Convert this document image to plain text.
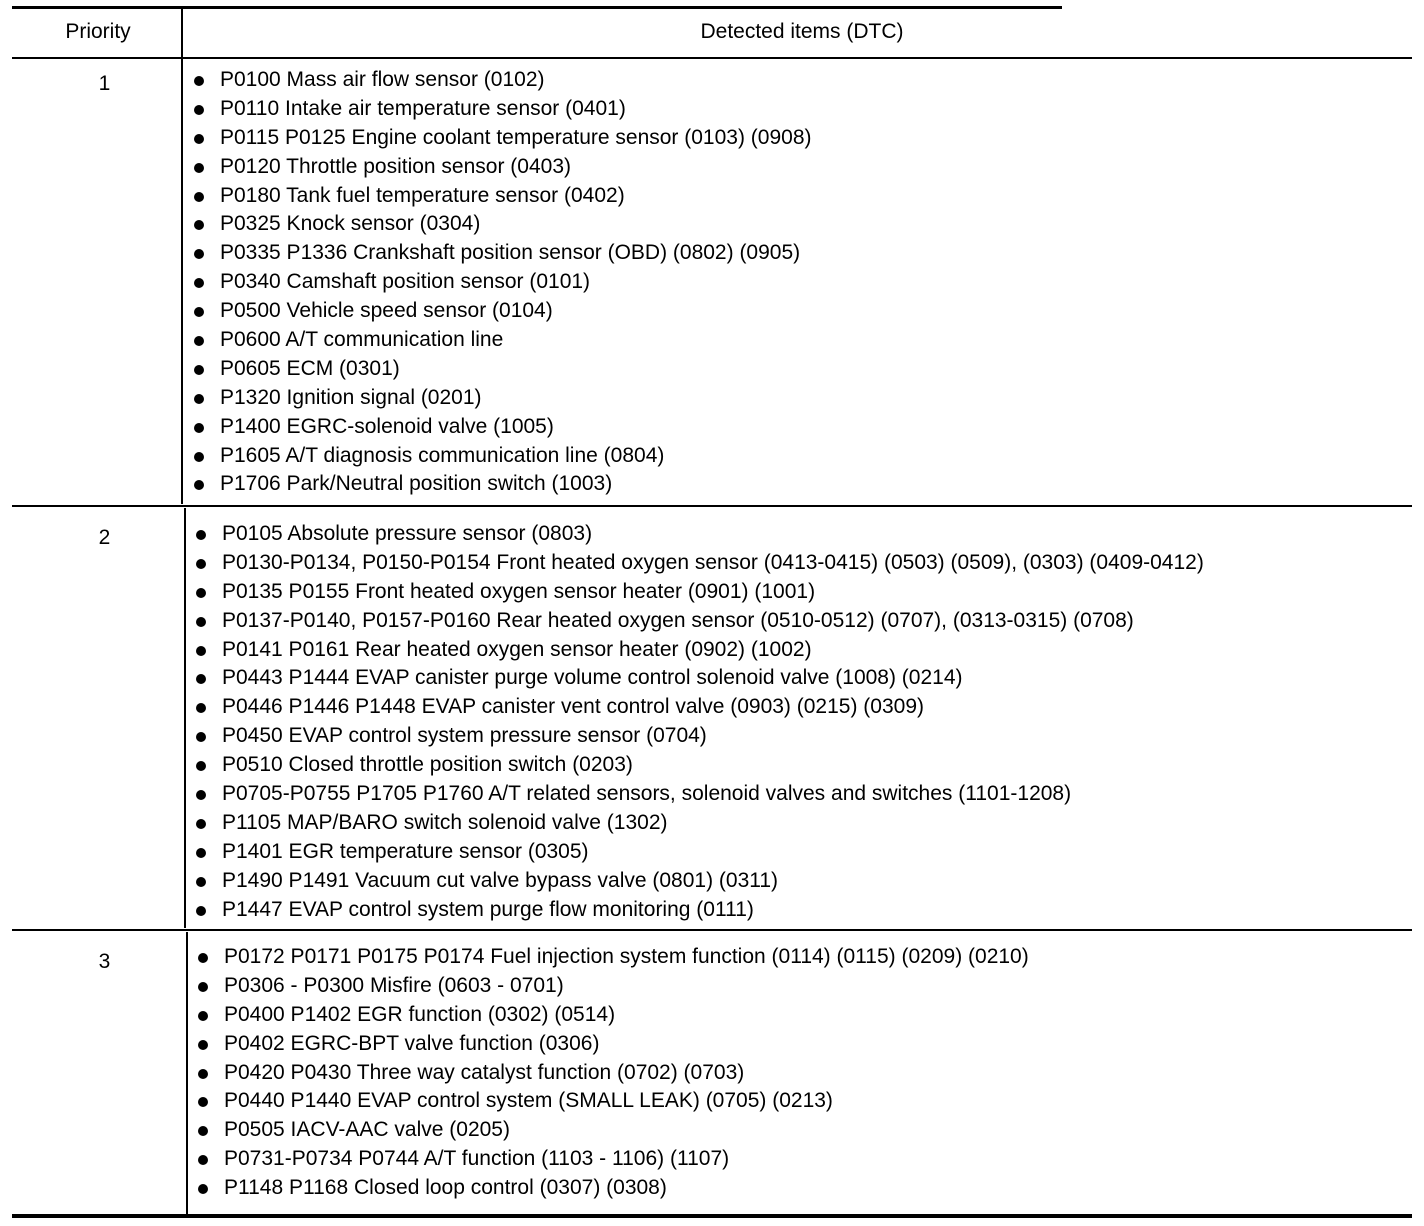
Priority	Detected items (DTC)
1	P0100 Mass air flow sensor (0102)
P0110 Intake air temperature sensor (0401)
P0115 P0125 Engine coolant temperature sensor (0103) (0908)
P0120 Throttle position sensor (0403)
P0180 Tank fuel temperature sensor (0402)
P0325 Knock sensor (0304)
P0335 P1336 Crankshaft position sensor (OBD) (0802) (0905)
P0340 Camshaft position sensor (0101)
P0500 Vehicle speed sensor (0104)
P0600 A/T communication line
P0605 ECM (0301)
P1320 Ignition signal (0201)
P1400 EGRC-solenoid valve (1005)
P1605 A/T diagnosis communication line (0804)
P1706 Park/Neutral position switch (1003)
2	P0105 Absolute pressure sensor (0803)
P0130-P0134, P0150-P0154 Front heated oxygen sensor (0413-0415) (0503) (0509), (0303) (0409-0412)
P0135 P0155 Front heated oxygen sensor heater (0901) (1001)
P0137-P0140, P0157-P0160 Rear heated oxygen sensor (0510-0512) (0707), (0313-0315) (0708)
P0141 P0161 Rear heated oxygen sensor heater (0902) (1002)
P0443 P1444 EVAP canister purge volume control solenoid valve (1008) (0214)
P0446 P1446 P1448 EVAP canister vent control valve (0903) (0215) (0309)
P0450 EVAP control system pressure sensor (0704)
P0510 Closed throttle position switch (0203)
P0705-P0755 P1705 P1760 A/T related sensors, solenoid valves and switches (1101-1208)
P1105 MAP/BARO switch solenoid valve (1302)
P1401 EGR temperature sensor (0305)
P1490 P1491 Vacuum cut valve bypass valve (0801) (0311)
P1447 EVAP control system purge flow monitoring (0111)
3	P0172 P0171 P0175 P0174 Fuel injection system function (0114) (0115) (0209) (0210)
P0306 - P0300 Misfire (0603 - 0701)
P0400 P1402 EGR function (0302) (0514)
P0402 EGRC-BPT valve function (0306)
P0420 P0430 Three way catalyst function (0702) (0703)
P0440 P1440 EVAP control system (SMALL LEAK) (0705) (0213)
P0505 IACV-AAC valve (0205)
P0731-P0734 P0744 A/T function (1103 - 1106) (1107)
P1148 P1168 Closed loop control (0307) (0308)
